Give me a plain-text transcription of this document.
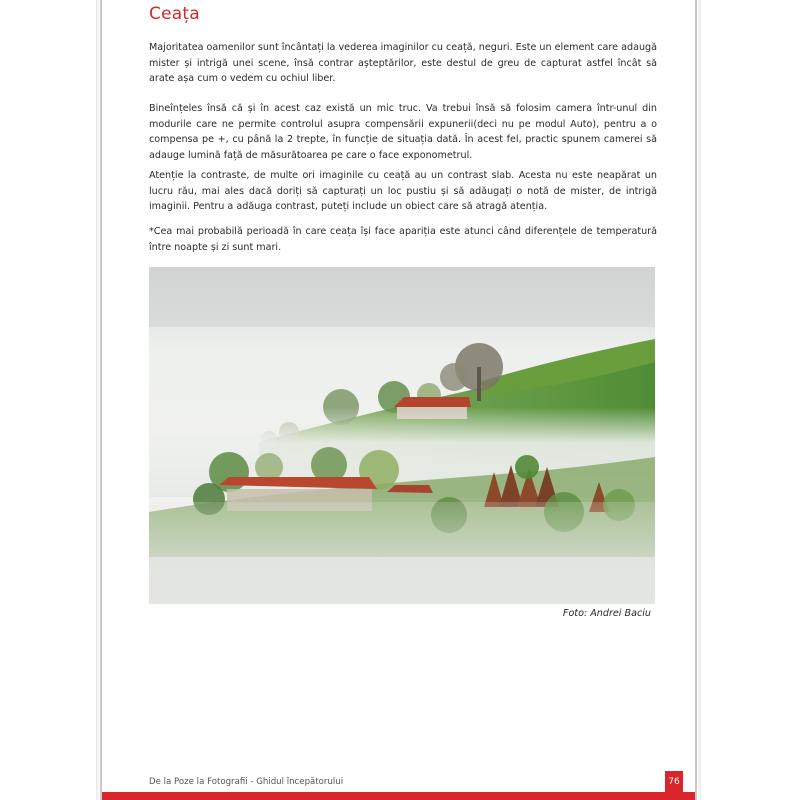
Ceața

Majoritatea oamenilor sunt încântați la vederea imaginilor cu ceață, neguri. Este un element care adaugă mister și intrigă unei scene, însă contrar așteptărilor, este destul de greu de capturat astfel încât să arate așa cum o vedem cu ochiul liber.

Bineînțeles însă că și în acest caz există un mic truc. Va trebui însă să folosim camera într-unul din modurile care ne permite controlul asupra compensării expunerii(deci nu pe modul Auto), pentru a o compensa pe +, cu până la 2 trepte, în funcție de situația dată. În acest fel, practic spunem camerei să adauge lumină față de măsurătoarea pe care o face exponometrul.

Atenție la contraste, de multe ori imaginile cu ceață au un contrast slab. Acesta nu este neapărat un lucru rău, mai ales dacă doriți să capturați un loc pustiu și să adăugați o notă de mister, de intrigă imaginii. Pentru a adăuga contrast, puteți include un obiect care să atragă atenția.

*Cea mai probabilă perioadă în care ceața își face apariția este atunci când diferențele de temperatură între noapte și zi sunt mari.

Foto: Andrei Baciu
De la Poze la Fotografii - Ghidul începătorului	76
